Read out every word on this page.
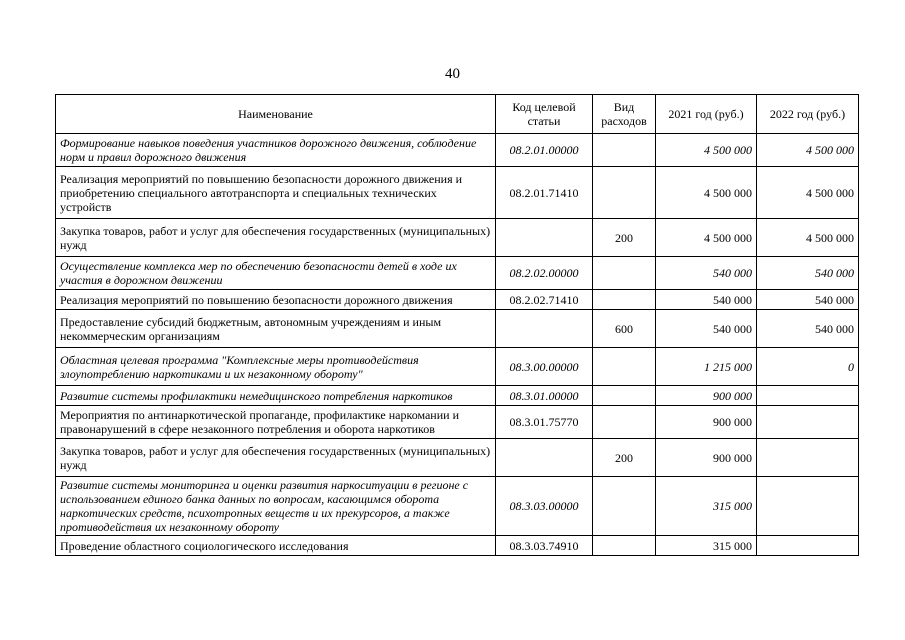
40
Наименование	Код целевой статьи	Вид расходов	2021 год (руб.)	2022 год (руб.)
Формирование навыков поведения участников дорожного движения, соблюдение норм и правил дорожного движения	08.2.01.00000		4 500 000	4 500 000
Реализация мероприятий по повышению безопасности дорожного движения и приобретению специального автотранспорта и специальных технических устройств	08.2.01.71410		4 500 000	4 500 000
Закупка товаров, работ и услуг для обеспечения государственных (муниципальных) нужд		200	4 500 000	4 500 000
Осуществление комплекса мер по обеспечению безопасности детей в ходе их участия в дорожном движении	08.2.02.00000		540 000	540 000
Реализация мероприятий по повышению безопасности дорожного движения	08.2.02.71410		540 000	540 000
Предоставление субсидий бюджетным, автономным учреждениям и иным некоммерческим организациям		600	540 000	540 000
Областная целевая программа "Комплексные меры противодействия злоупотреблению наркотиками и их незаконному обороту"	08.3.00.00000		1 215 000	0
Развитие системы профилактики немедицинского потребления наркотиков	08.3.01.00000		900 000	
Мероприятия по антинаркотической пропаганде, профилактике наркомании и правонарушений в сфере незаконного потребления и оборота наркотиков	08.3.01.75770		900 000	
Закупка товаров, работ и услуг для обеспечения государственных (муниципальных) нужд		200	900 000	
Развитие системы мониторинга и оценки развития наркоситуации в регионе с использованием единого банка данных по вопросам, касающимся оборота наркотических средств, психотропных веществ и их прекурсоров, а также противодействия их незаконному обороту	08.3.03.00000		315 000	
Проведение областного социологического исследования	08.3.03.74910		315 000	
